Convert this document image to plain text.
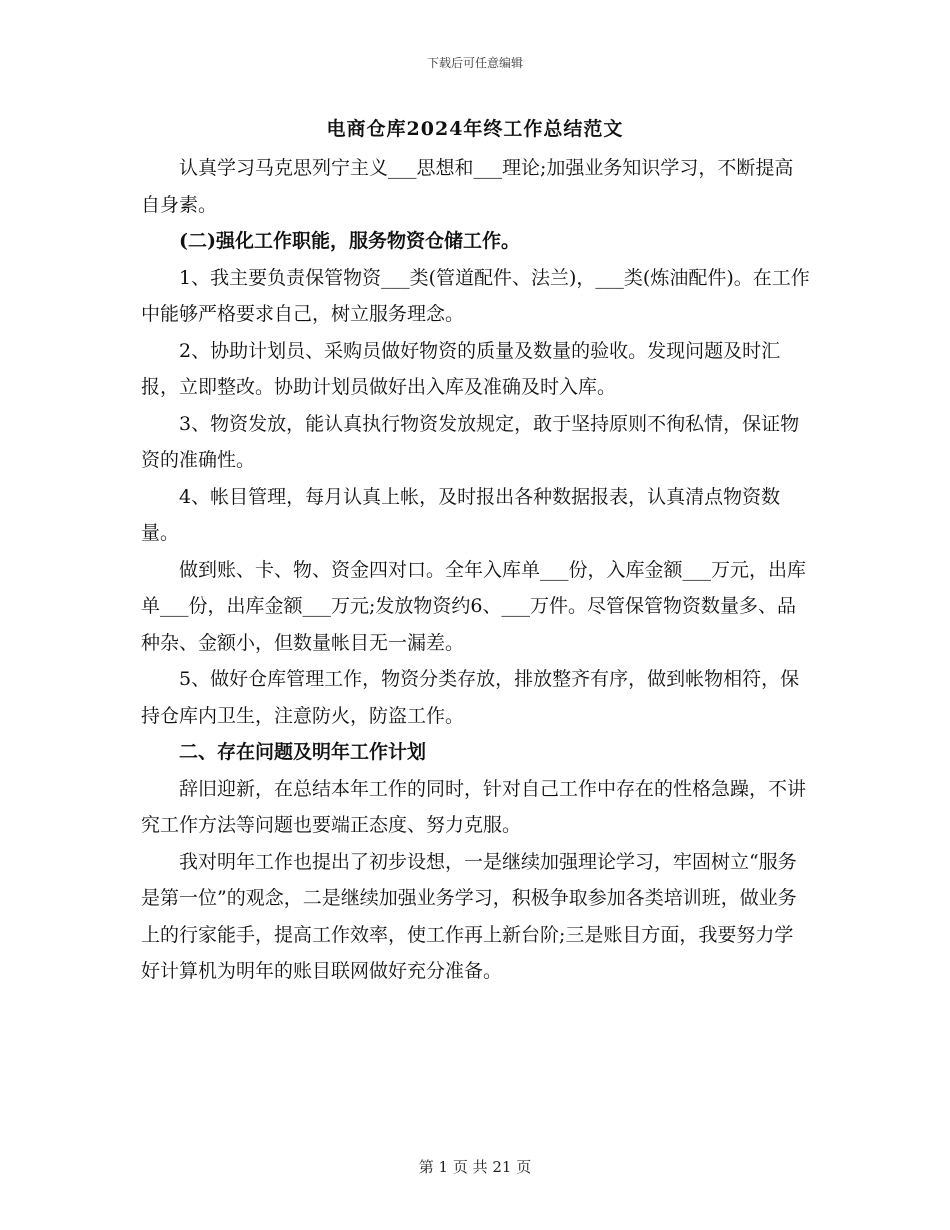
下载后可任意编辑
电商仓库2024年终工作总结范文

认真学习马克思列宁主义___思想和___理论;加强业务知识学习，不断提高自身素。

(二)强化工作职能，服务物资仓储工作。

1、我主要负责保管物资___类(管道配件、法兰)，___类(炼油配件)。在工作中能够严格要求自己，树立服务理念。

2、协助计划员、采购员做好物资的质量及数量的验收。发现问题及时汇报，立即整改。协助计划员做好出入库及准确及时入库。

3、物资发放，能认真执行物资发放规定，敢于坚持原则不徇私情，保证物资的准确性。

4、帐目管理，每月认真上帐，及时报出各种数据报表，认真清点物资数量。

做到账、卡、物、资金四对口。全年入库单___份，入库金额___万元，出库单___份，出库金额___万元;发放物资约6、___万件。尽管保管物资数量多、品种杂、金额小，但数量帐目无一漏差。

5、做好仓库管理工作，物资分类存放，排放整齐有序，做到帐物相符，保持仓库内卫生，注意防火，防盗工作。

二、存在问题及明年工作计划

辞旧迎新，在总结本年工作的同时，针对自己工作中存在的性格急躁，不讲究工作方法等问题也要端正态度、努力克服。

我对明年工作也提出了初步设想，一是继续加强理论学习，牢固树立“服务是第一位”的观念，二是继续加强业务学习，积极争取参加各类培训班，做业务上的行家能手，提高工作效率，使工作再上新台阶;三是账目方面，我要努力学好计算机为明年的账目联网做好充分准备。

第 1 页 共 21 页
